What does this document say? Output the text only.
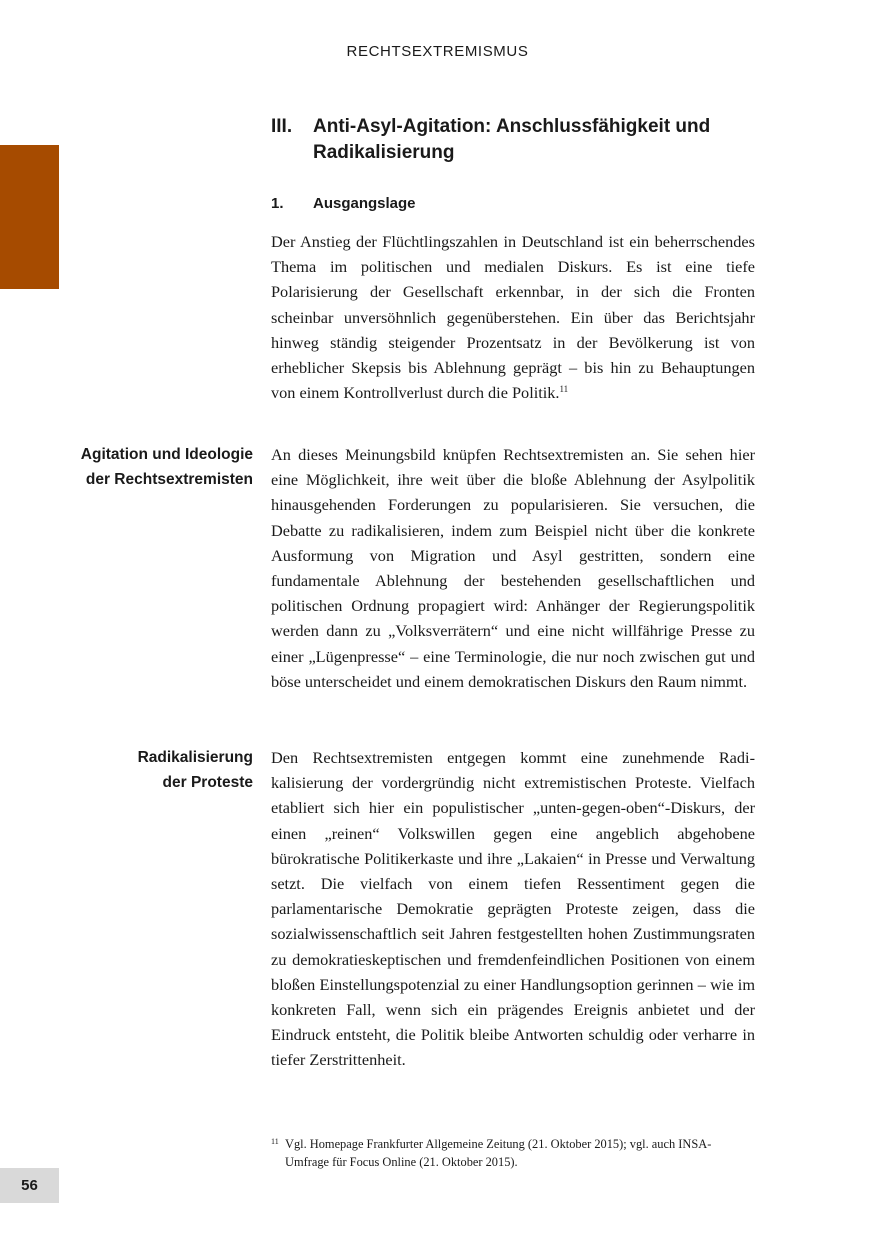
RECHTSEXTREMISMUS
III.	Anti-Asyl-Agitation: Anschlussfähigkeit und Radikalisierung
1.	Ausgangslage

Der Anstieg der Flüchtlingszahlen in Deutschland ist ein beherrschendes Thema im politischen und medialen Diskurs. Es ist eine tiefe Polarisierung der Gesellschaft erkennbar, in der sich die Fronten scheinbar unversöhnlich gegenüberstehen. Ein über das Berichtsjahr hinweg ständig steigender Prozentsatz in der Bevölkerung ist von erheblicher Skepsis bis Ablehnung geprägt – bis hin zu Behauptungen von einem Kontrollverlust durch die Politik.$^{11}$

Agitation und Ideologie der Rechtsextremisten

An dieses Meinungsbild knüpfen Rechtsextremisten an. Sie sehen hier eine Möglichkeit, ihre weit über die bloße Ablehnung der Asylpolitik hinausgehenden Forderungen zu popularisieren. Sie versuchen, die Debatte zu radikalisieren, indem zum Beispiel nicht über die konkrete Ausformung von Migration und Asyl gestritten, sondern eine fundamentale Ablehnung der bestehenden gesellschaftlichen und politischen Ordnung propagiert wird: Anhänger der Regierungspolitik werden dann zu „Volksverrätern“ und eine nicht willfährige Presse zu einer „Lügenpresse“ – eine Terminologie, die nur noch zwischen gut und böse unterscheidet und einem demokratischen Diskurs den Raum nimmt.

Radikalisierung der Proteste

Den Rechtsextremisten entgegen kommt eine zunehmende Radikalisierung der vordergründig nicht extremistischen Proteste. Vielfach etabliert sich hier ein populistischer „unten-gegen-oben“-Diskurs, der einen „reinen“ Volkswillen gegen eine angeblich abgehobene bürokratische Politikerkaste und ihre „Lakaien“ in Presse und Verwaltung setzt. Die vielfach von einem tiefen Ressentiment gegen die parlamentarische Demokratie geprägten Proteste zeigen, dass die sozialwissenschaftlich seit Jahren festgestellten hohen Zustimmungsraten zu demokratieskeptischen und fremdenfeindlichen Positionen von einem bloßen Einstellungspotenzial zu einer Handlungsoption gerinnen – wie im konkreten Fall, wenn sich ein prägendes Ereignis anbietet und der Eindruck entsteht, die Politik bleibe Antworten schuldig oder verharre in tiefer Zerstrittenheit.

11 Vgl. Homepage Frankfurter Allgemeine Zeitung (21. Oktober 2015); vgl. auch INSA-Umfrage für Focus Online (21. Oktober 2015).
56
